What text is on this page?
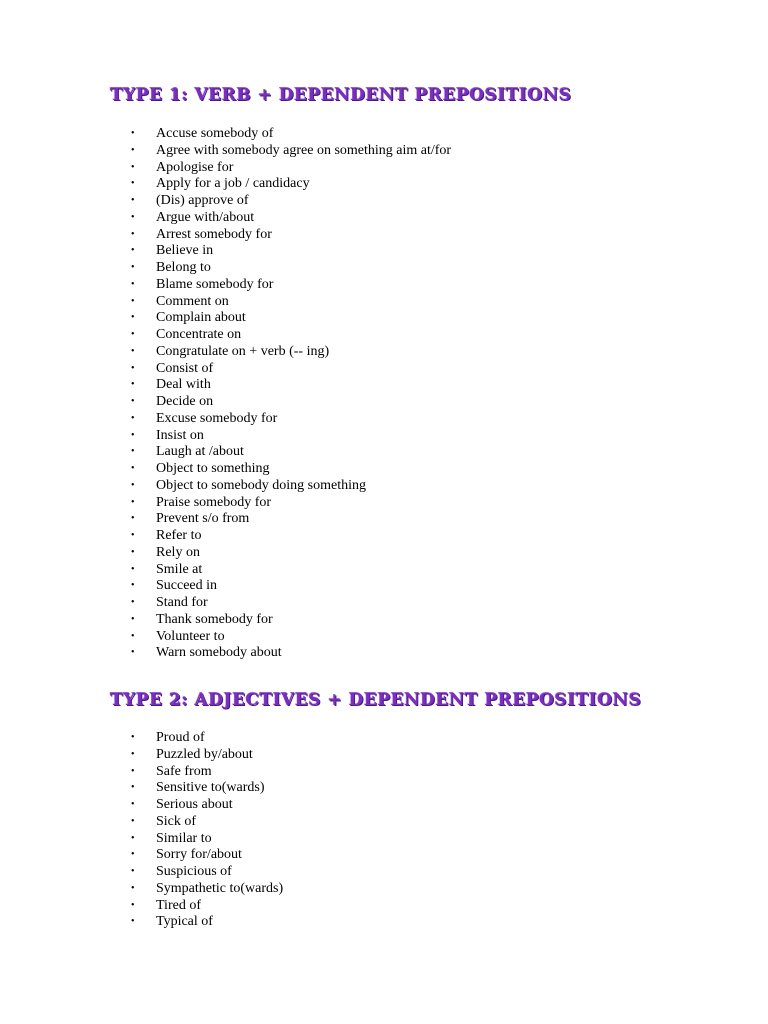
TYPE 1: VERB + DEPENDENT PREPOSITIONS
• Accuse somebody of
• Agree with somebody agree on something aim at/for
• Apologise for
• Apply for a job / candidacy
• (Dis) approve of
• Argue with/about
• Arrest somebody for
• Believe in
• Belong to
• Blame somebody for
• Comment on
• Complain about
• Concentrate on
• Congratulate on + verb (-- ing)
• Consist of
• Deal with
• Decide on
• Excuse somebody for
• Insist on
• Laugh at /about
• Object to something
• Object to somebody doing something
• Praise somebody for
• Prevent s/o from
• Refer to
• Rely on
• Smile at
• Succeed in
• Stand for
• Thank somebody for
• Volunteer to
• Warn somebody about
TYPE 2: ADJECTIVES + DEPENDENT PREPOSITIONS
• Proud of
• Puzzled by/about
• Safe from
• Sensitive to(wards)
• Serious about
• Sick of
• Similar to
• Sorry for/about
• Suspicious of
• Sympathetic to(wards)
• Tired of
• Typical of
